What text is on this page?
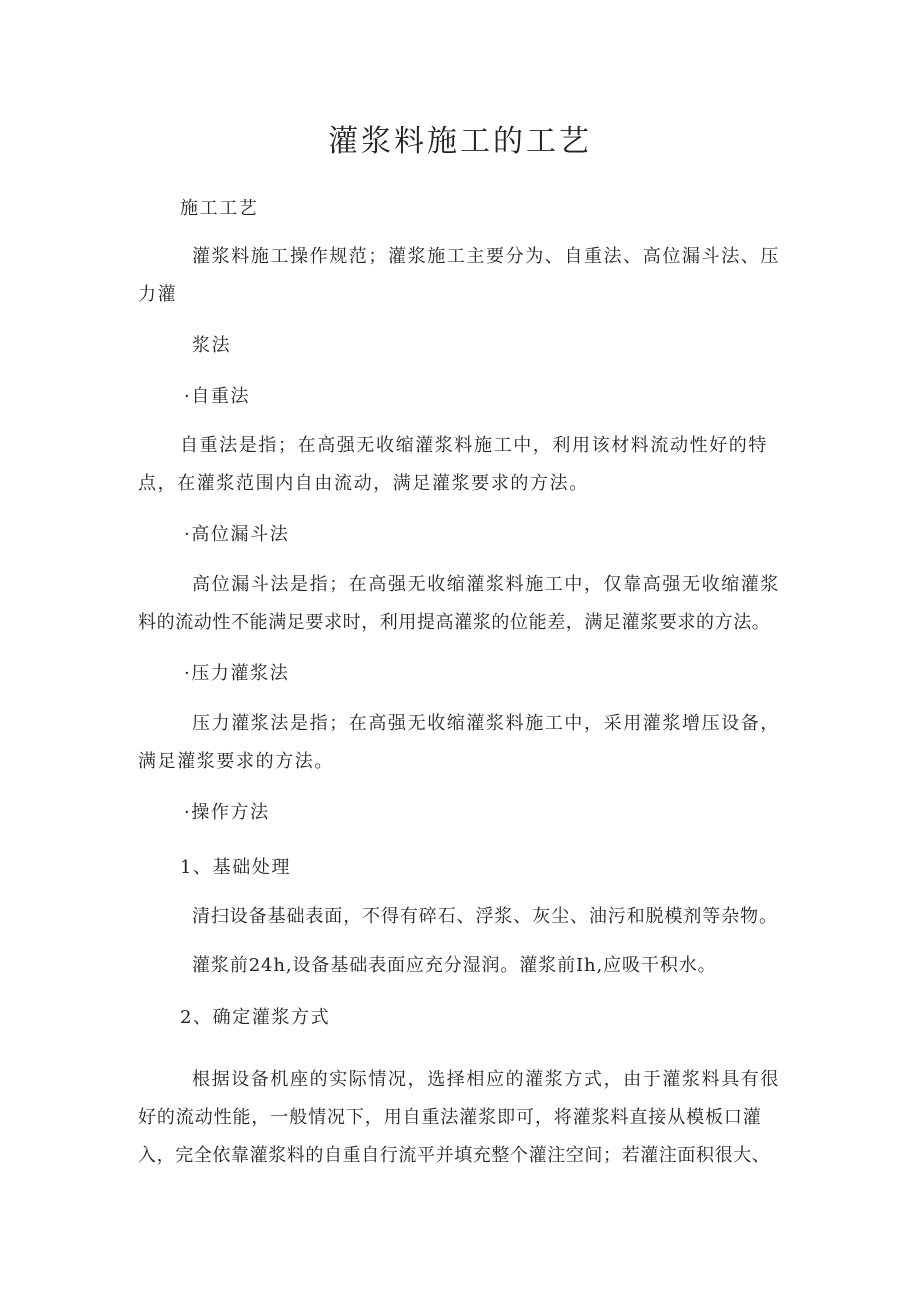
灌浆料施工的工艺
施工工艺
灌浆料施工操作规范；灌浆施工主要分为、自重法、高位漏斗法、压
力灌
浆法
·自重法
自重法是指；在高强无收缩灌浆料施工中，利用该材料流动性好的特
点，在灌浆范围内自由流动，满足灌浆要求的方法。
·高位漏斗法
高位漏斗法是指；在高强无收缩灌浆料施工中，仅靠高强无收缩灌浆
料的流动性不能满足要求时，利用提高灌浆的位能差，满足灌浆要求的方法。
·压力灌浆法
压力灌浆法是指；在高强无收缩灌浆料施工中，采用灌浆增压设备，
满足灌浆要求的方法。
·操作方法
1、基础处理
清扫设备基础表面，不得有碎石、浮浆、灰尘、油污和脱模剂等杂物。
灌浆前24h,设备基础表面应充分湿润。灌浆前Ih,应吸干积水。
2、确定灌浆方式
根据设备机座的实际情况，选择相应的灌浆方式，由于灌浆料具有很
好的流动性能，一般情况下，用自重法灌浆即可，将灌浆料直接从模板口灌
入，完全依靠灌浆料的自重自行流平并填充整个灌注空间；若灌注面积很大、
